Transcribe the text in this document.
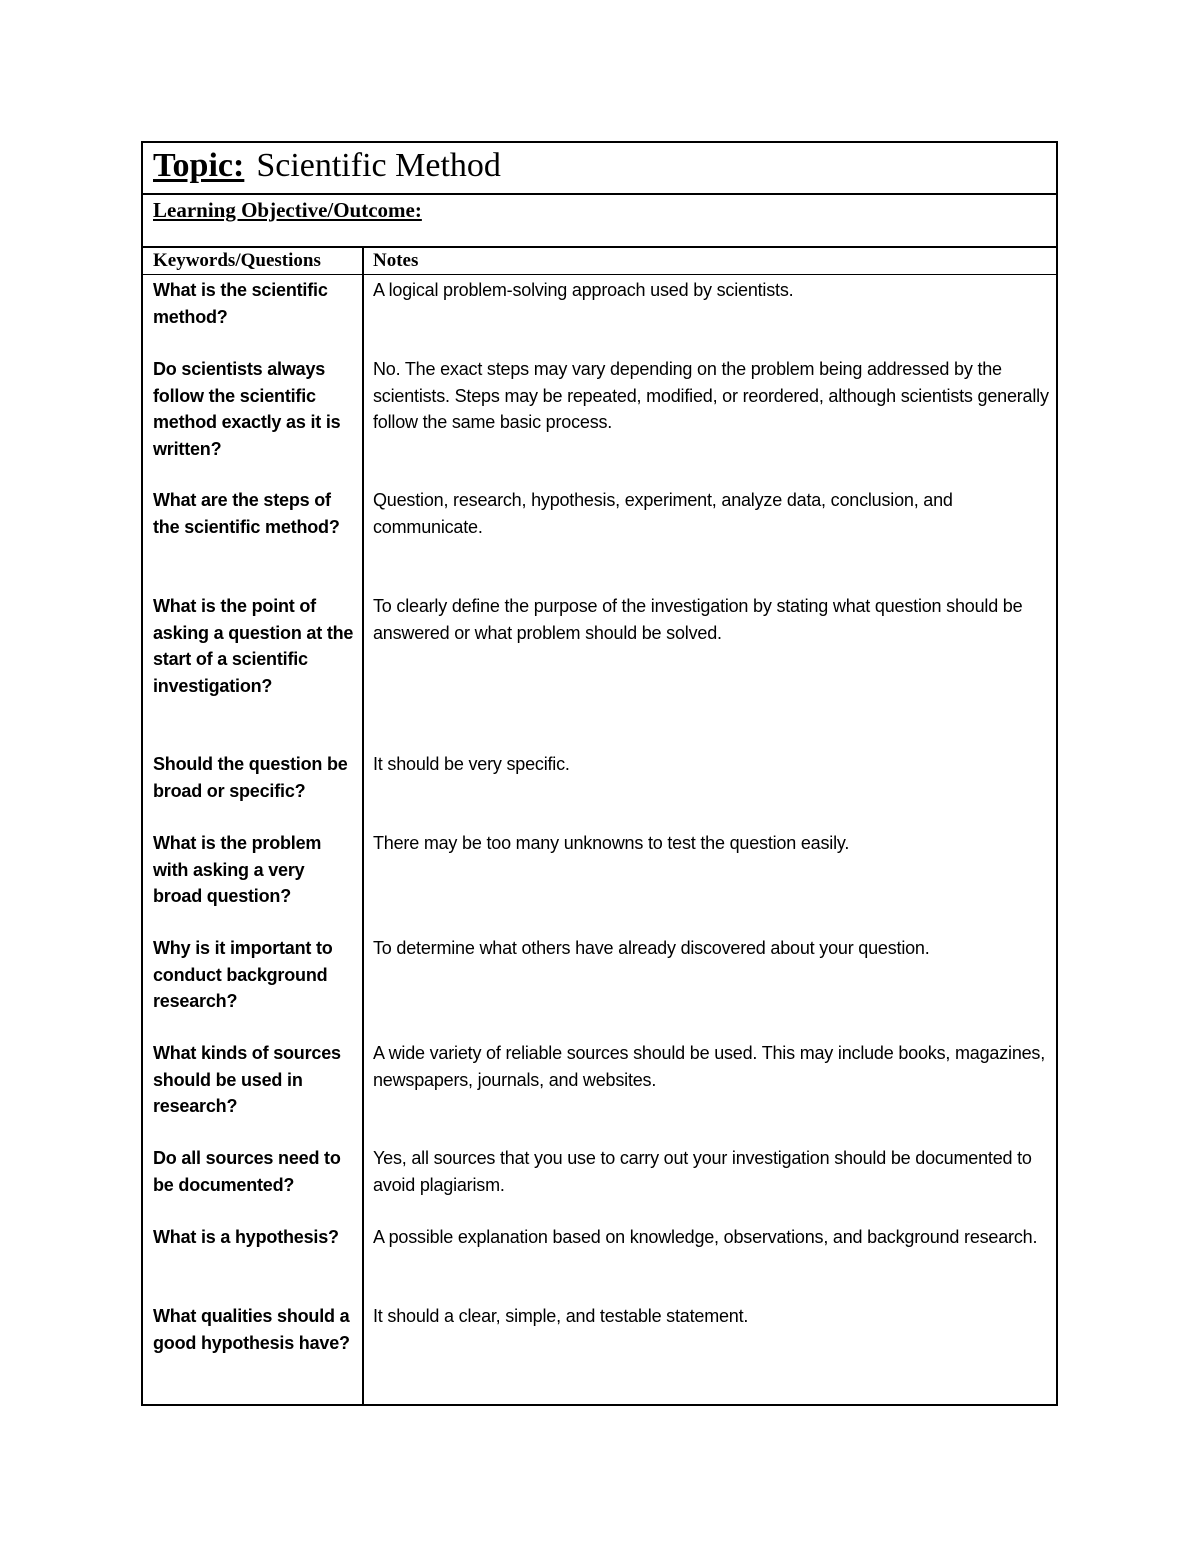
Topic: Scientific Method
Learning Objective/Outcome:
Keywords/Questions	Notes
What is the scientific method?
A logical problem-solving approach used by scientists.
Do scientists always follow the scientific method exactly as it is written?
No. The exact steps may vary depending on the problem being addressed by the scientists. Steps may be repeated, modified, or reordered, although scientists generally follow the same basic process.
What are the steps of the scientific method?
Question, research, hypothesis, experiment, analyze data, conclusion, and communicate.
What is the point of asking a question at the start of a scientific investigation?
To clearly define the purpose of the investigation by stating what question should be answered or what problem should be solved.
Should the question be broad or specific?
It should be very specific.
What is the problem with asking a very broad question?
There may be too many unknowns to test the question easily.
Why is it important to conduct background research?
To determine what others have already discovered about your question.
What kinds of sources should be used in research?
A wide variety of reliable sources should be used. This may include books, magazines, newspapers, journals, and websites.
Do all sources need to be documented?
Yes, all sources that you use to carry out your investigation should be documented to avoid plagiarism.
What is a hypothesis?	A possible explanation based on knowledge, observations, and background research.
What qualities should a good hypothesis have?
It should a clear, simple, and testable statement.
